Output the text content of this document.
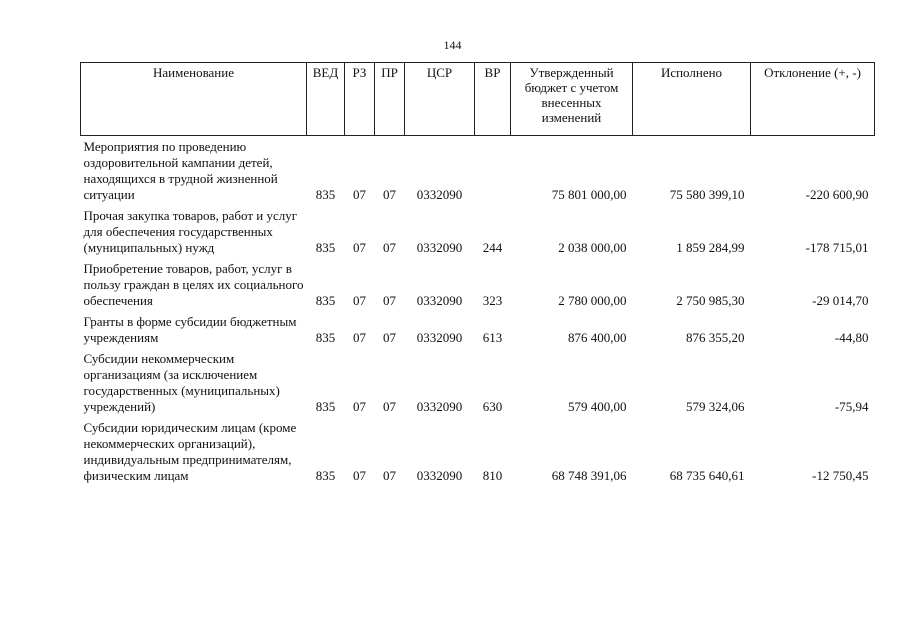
144
Наименование	ВЕД	РЗ	ПР	ЦСР	ВР	Утвержденный бюджет с учетом внесенных изменений	Исполнено	Отклонение (+, -)
Мероприятия по проведению оздоровительной кампании детей, находящихся в трудной жизненной ситуации	835	07	07	0332090		75 801 000,00	75 580 399,10	-220 600,90
Прочая закупка товаров, работ и услуг для обеспечения государственных (муниципальных) нужд	835	07	07	0332090	244	2 038 000,00	1 859 284,99	-178 715,01
Приобретение товаров, работ, услуг в пользу граждан в целях их социального обеспечения	835	07	07	0332090	323	2 780 000,00	2 750 985,30	-29 014,70
Гранты в форме субсидии бюджетным учреждениям	835	07	07	0332090	613	876 400,00	876 355,20	-44,80
Субсидии некоммерческим организациям (за исключением государственных (муниципальных) учреждений)	835	07	07	0332090	630	579 400,00	579 324,06	-75,94
Субсидии юридическим лицам (кроме некоммерческих организаций), индивидуальным предпринимателям, физическим лицам	835	07	07	0332090	810	68 748 391,06	68 735 640,61	-12 750,45
